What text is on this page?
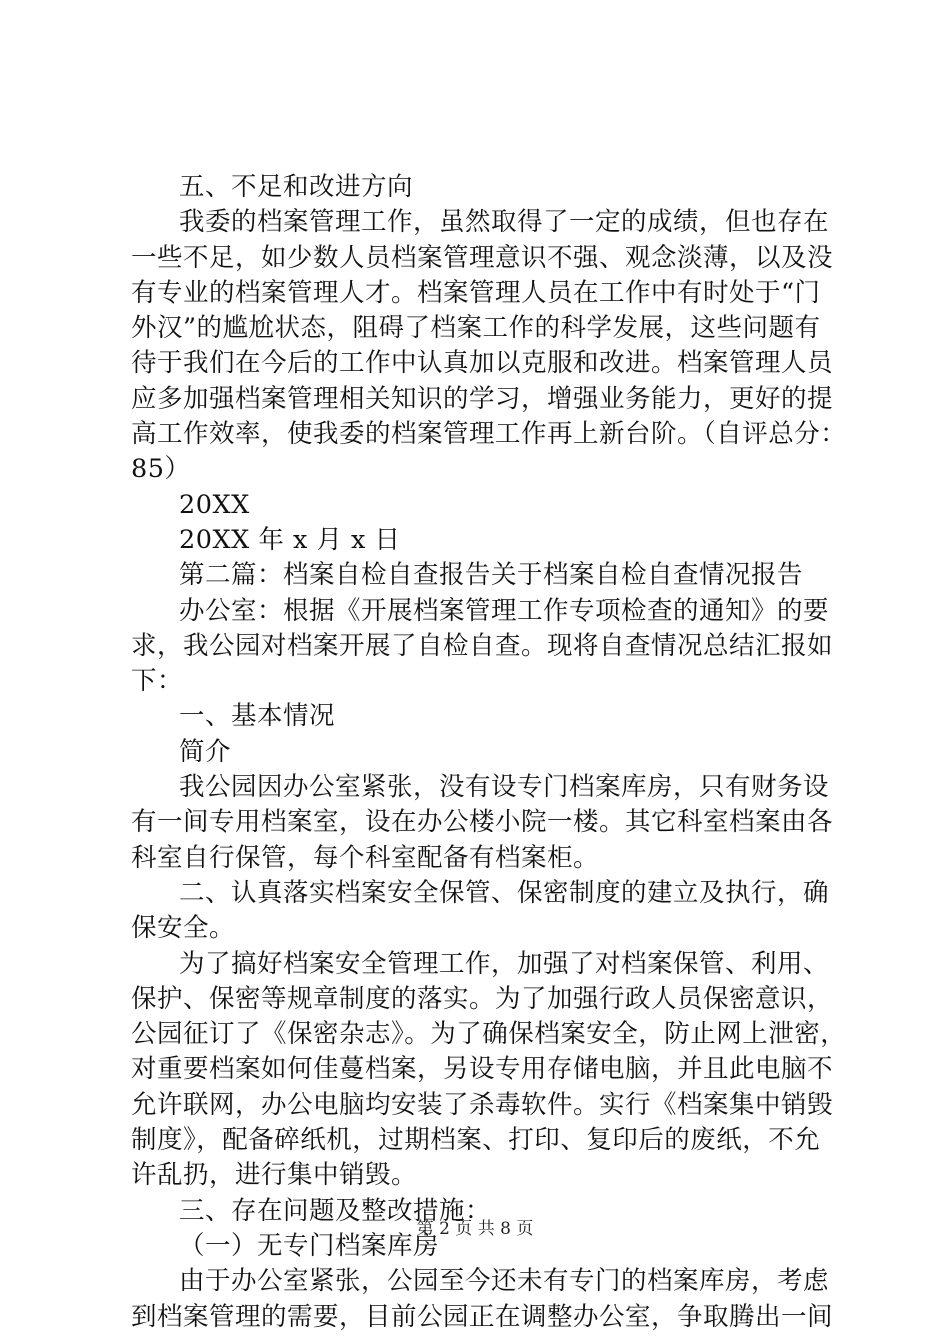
五、不足和改进方向
我委的档案管理工作，虽然取得了一定的成绩，但也存在
一些不足，如少数人员档案管理意识不强、观念淡薄，以及没
有专业的档案管理人才。档案管理人员在工作中有时处于“门
外汉”的尴尬状态，阻碍了档案工作的科学发展，这些问题有
待于我们在今后的工作中认真加以克服和改进。档案管理人员
应多加强档案管理相关知识的学习，增强业务能力，更好的提
高工作效率，使我委的档案管理工作再上新台阶。（自评总分：
85）
20XX
20XX 年 x 月 x 日
第二篇：档案自检自查报告关于档案自检自查情况报告
办公室：根据《开展档案管理工作专项检查的通知》的要
求，我公园对档案开展了自检自查。现将自查情况总结汇报如
下：
一、基本情况
简介
我公园因办公室紧张，没有设专门档案库房，只有财务设
有一间专用档案室，设在办公楼小院一楼。其它科室档案由各
科室自行保管，每个科室配备有档案柜。
二、认真落实档案安全保管、保密制度的建立及执行，确
保安全。
为了搞好档案安全管理工作，加强了对档案保管、利用、
保护、保密等规章制度的落实。为了加强行政人员保密意识，
公园征订了《保密杂志》。为了确保档案安全，防止网上泄密，
对重要档案如何佳蔓档案，另设专用存储电脑，并且此电脑不
允许联网，办公电脑均安装了杀毒软件。实行《档案集中销毁
制度》，配备碎纸机，过期档案、打印、复印后的废纸，不允
许乱扔，进行集中销毁。
三、存在问题及整改措施：
（一）无专门档案库房
由于办公室紧张，公园至今还未有专门的档案库房，考虑
到档案管理的需要，目前公园正在调整办公室，争取腾出一间
第 2 页 共 8 页
